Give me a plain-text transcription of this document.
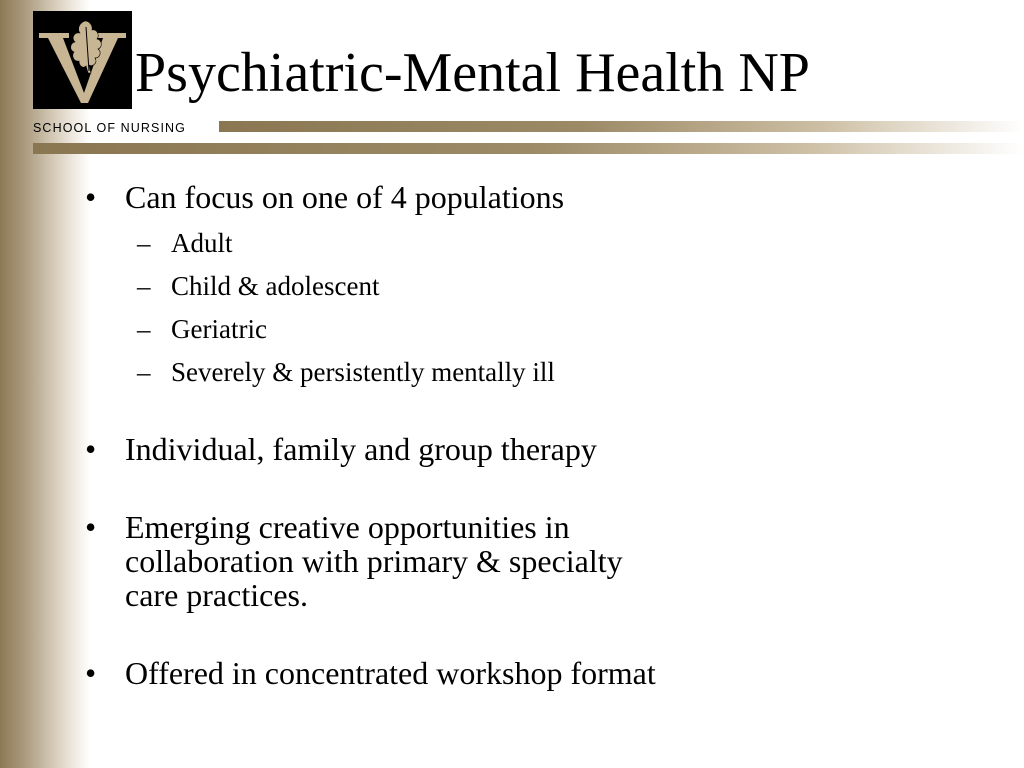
Psychiatric-Mental Health NP
SCHOOL OF NURSING
• Can focus on one of 4 populations
– Adult
– Child & adolescent
– Geriatric
– Severely & persistently mentally ill
• Individual, family and group therapy
• Emerging creative opportunities in
collaboration with primary & specialty
care practices.
• Offered in concentrated workshop format
